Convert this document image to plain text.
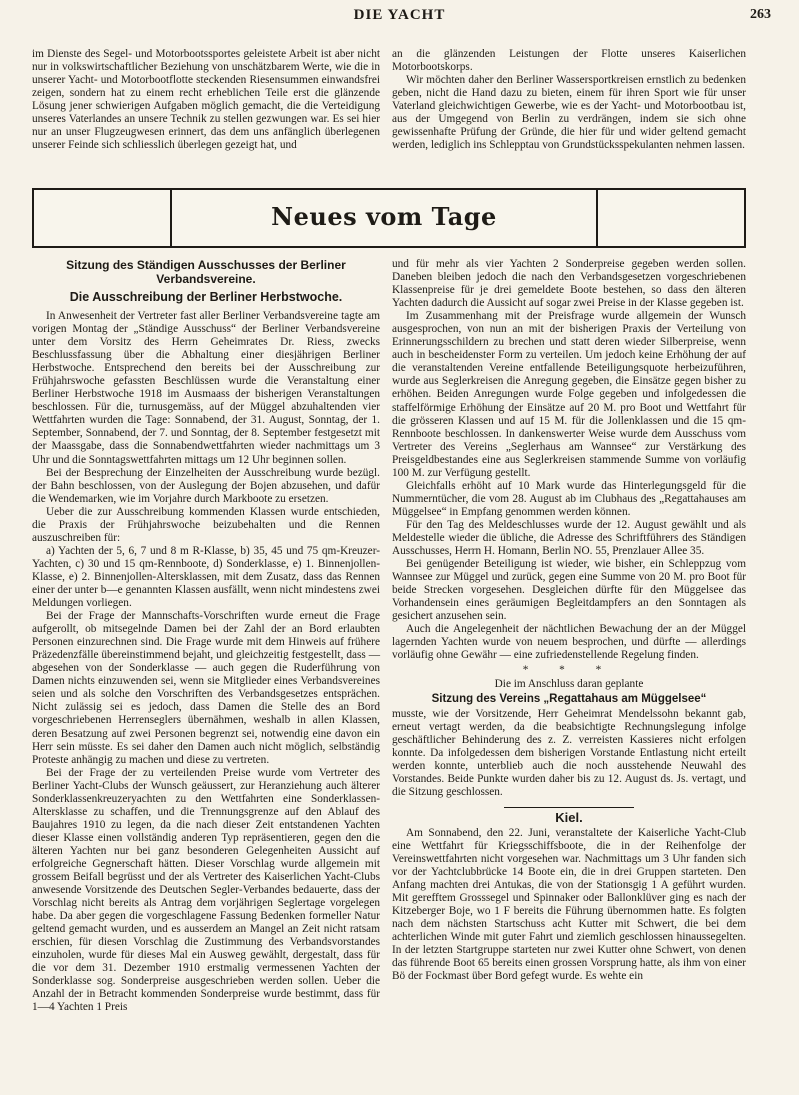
DIE YACHT	263

im Dienste des Segel- und Motorbootssportes geleistete Arbeit ist aber nicht nur in volkswirtschaftlicher Beziehung von unschätzbarem Werte, wie die in unserer Yacht- und Motorbootflotte steckenden Riesensummen einwandsfrei zeigen, sondern hat zu einem recht erheblichen Teile erst die glänzende Lösung jener schwierigen Aufgaben möglich gemacht, die die Verteidigung unseres Vaterlandes an unsere Technik zu stellen gezwungen war. Es sei hier nur an unser Flugzeugwesen erinnert, das dem uns anfänglich überlegenen unserer Feinde sich schliesslich überlegen gezeigt hat, und

an die glänzenden Leistungen der Flotte unseres Kaiserlichen Motorbootskorps.

Wir möchten daher den Berliner Wassersportkreisen ernstlich zu bedenken geben, nicht die Hand dazu zu bieten, einem für ihren Sport wie für unser Vaterland gleichwichtigen Gewerbe, wie es der Yacht- und Motorbootbau ist, aus der Umgegend von Berlin zu verdrängen, indem sie sich ohne gewissenhafte Prüfung der Gründe, die hier für und wider geltend gemacht werden, lediglich ins Schlepptau von Grundstücksspekulanten nehmen lassen.

Neues vom Tage
Sitzung des Ständigen Ausschusses der Berliner Verbandsvereine.
Die Ausschreibung der Berliner Herbstwoche.

In Anwesenheit der Vertreter fast aller Berliner Verbandsvereine tagte am vorigen Montag der „Ständige Ausschuss“ der Berliner Verbandsvereine unter dem Vorsitz des Herrn Geheimrates Dr. Riess, zwecks Beschlussfassung über die Abhaltung einer diesjährigen Berliner Herbstwoche. Entsprechend den bereits bei der Ausschreibung zur Frühjahrswoche gefassten Beschlüssen wurde die Veranstaltung einer Berliner Herbstwoche 1918 im Ausmaass der bisherigen Veranstaltungen beschlossen. Für die, turnusgemäss, auf der Müggel abzuhaltenden vier Wettfahrten wurden die Tage: Sonnabend, der 31. August, Sonntag, der 1. September, Sonnabend, der 7. und Sonntag, der 8. September festgesetzt mit der Maassgabe, dass die Sonnabendwettfahrten wieder nachmittags um 3 Uhr und die Sonntagswettfahrten mittags um 12 Uhr beginnen sollen.

Bei der Besprechung der Einzelheiten der Ausschreibung wurde bezügl. der Bahn beschlossen, von der Auslegung der Bojen abzusehen, und dafür die Wendemarken, wie im Vorjahre durch Markboote zu ersetzen.

Ueber die zur Ausschreibung kommenden Klassen wurde entschieden, die Praxis der Frühjahrswoche beizubehalten und die Rennen auszuschreiben für:

a) Yachten der 5, 6, 7 und 8 m R-Klasse, b) 35, 45 und 75 qm-Kreuzer-Yachten, c) 30 und 15 qm-Rennboote, d) Sonderklasse, e) 1. Binnenjollen-Klasse, e) 2. Binnenjollen-Altersklassen, mit dem Zusatz, dass das Rennen einer der unter b—e genannten Klassen ausfällt, wenn nicht mindestens zwei Meldungen vorliegen.

Bei der Frage der Mannschafts-Vorschriften wurde erneut die Frage aufgerollt, ob mitsegelnde Damen bei der Zahl der an Bord erlaubten Personen einzurechnen sind. Die Frage wurde mit dem Hinweis auf frühere Präzedenzfälle übereinstimmend bejaht, und gleichzeitig festgestellt, dass — abgesehen von der Sonderklasse — auch gegen die Ruderführung von Damen nichts einzuwenden sei, wenn sie Mitglieder eines Verbandsvereines seien und als solche den Vorschriften des Verbandsgesetzes entsprächen. Nicht zulässig sei es jedoch, dass Damen die Stelle des an Bord vorgeschriebenen Herrenseglers übernähmen, weshalb in allen Klassen, deren Besatzung auf zwei Personen begrenzt sei, notwendig eine davon ein Herr sein müsste. Es sei daher den Damen auch nicht möglich, selbständig Proteste anhängig zu machen und diese zu vertreten.

Bei der Frage der zu verteilenden Preise wurde vom Vertreter des Berliner Yacht-Clubs der Wunsch geäussert, zur Heranziehung auch älterer Sonderklassenkreuzeryachten zu den Wettfahrten eine Sonderklassen-Altersklasse zu schaffen, und die Trennungsgrenze auf den Ablauf des Baujahres 1910 zu legen, da die nach dieser Zeit entstandenen Yachten dieser Klasse einen vollständig anderen Typ repräsentieren, gegen den die älteren Yachten nur bei ganz besonderen Gelegenheiten Aussicht auf erfolgreiche Gegnerschaft hätten. Dieser Vorschlag wurde allgemein mit grossem Beifall begrüsst und der als Vertreter des Kaiserlichen Yacht-Clubs anwesende Vorsitzende des Deutschen Segler-Verbandes bedauerte, dass der Vorschlag nicht bereits als Antrag dem vorjährigen Seglertage vorgelegen habe. Da aber gegen die vorgeschlagene Fassung Bedenken formeller Natur geltend gemacht wurden, und es ausserdem an Mangel an Zeit nicht ratsam erschien, für diesen Vorschlag die Zustimmung des Verbandsvorstandes einzuholen, wurde für dieses Mal ein Ausweg gewählt, dergestalt, dass für die vor dem 31. Dezember 1910 erstmalig vermessenen Yachten der Sonderklasse sog. Sonderpreise ausgeschrieben werden sollen. Ueber die Anzahl der in Betracht kommenden Sonderpreise wurde bestimmt, dass für 1—4 Yachten 1 Preis

und für mehr als vier Yachten 2 Sonderpreise gegeben werden sollen. Daneben bleiben jedoch die nach den Verbandsgesetzen vorgeschriebenen Klassenpreise für je drei gemeldete Boote bestehen, so dass den älteren Yachten dadurch die Aussicht auf sogar zwei Preise in der Klasse gegeben ist.

Im Zusammenhang mit der Preisfrage wurde allgemein der Wunsch ausgesprochen, von nun an mit der bisherigen Praxis der Verteilung von Erinnerungsschildern zu brechen und statt deren wieder Silberpreise, wenn auch in bescheidenster Form zu verteilen. Um jedoch keine Erhöhung der auf die veranstaltenden Vereine entfallende Beteiligungsquote herbeizuführen, wurde aus Seglerkreisen die Anregung gegeben, die Einsätze gegen bisher zu erhöhen. Beiden Anregungen wurde Folge gegeben und infolgedessen die staffelförmige Erhöhung der Einsätze auf 20 M. pro Boot und Wettfahrt für die grösseren Klassen und auf 15 M. für die Jollenklassen und die 15 qm-Rennboote beschlossen. In dankenswerter Weise wurde dem Ausschuss vom Vertreter des Vereins „Seglerhaus am Wannsee“ zur Verstärkung des Preisgeldbestandes eine aus Seglerkreisen stammende Summe von vorläufig 100 M. zur Verfügung gestellt.

Gleichfalls erhöht auf 10 Mark wurde das Hinterlegungsgeld für die Nummerntücher, die vom 28. August ab im Clubhaus des „Regattahauses am Müggelsee“ in Empfang genommen werden können.

Für den Tag des Meldeschlusses wurde der 12. August gewählt und als Meldestelle wieder die übliche, die Adresse des Schriftführers des Ständigen Ausschusses, Herrn H. Homann, Berlin NO. 55, Prenzlauer Allee 35.

Bei genügender Beteiligung ist wieder, wie bisher, ein Schleppzug vom Wannsee zur Müggel und zurück, gegen eine Summe von 20 M. pro Boot für beide Strecken vorgesehen. Desgleichen dürfte für den Müggelsee das Vorhandensein eines geräumigen Begleitdampfers an den Sonntagen als gesichert anzusehen sein.

Auch die Angelegenheit der nächtlichen Bewachung der an der Müggel lagernden Yachten wurde von neuem besprochen, und dürfte — allerdings vorläufig ohne Gewähr — eine zufriedenstellende Regelung finden.

* * *

Die im Anschluss daran geplante

Sitzung des Vereins „Regattahaus am Müggelsee“

musste, wie der Vorsitzende, Herr Geheimrat Mendelssohn bekannt gab, erneut vertagt werden, da die beabsichtigte Rechnungslegung infolge geschäftlicher Behinderung des z. Z. verreisten Kassieres nicht erfolgen konnte. Da infolgedessen dem bisherigen Vorstande Entlastung nicht erteilt werden konnte, unterblieb auch die noch ausstehende Neuwahl des Vorstandes. Beide Punkte wurden daher bis zu 12. August ds. Js. vertagt, und die Sitzung geschlossen.

Kiel.

Am Sonnabend, den 22. Juni, veranstaltete der Kaiserliche Yacht-Club eine Wettfahrt für Kriegsschiffsboote, die in der Reihenfolge der Vereinswettfahrten nicht vorgesehen war. Nachmittags um 3 Uhr fanden sich vor der Yachtclubbrücke 14 Boote ein, die in drei Gruppen starteten. Den Anfang machten drei Antukas, die von der Stationsgig 1 A geführt wurden. Mit gerefftem Grosssegel und Spinnaker oder Ballonklüver ging es nach der Kitzeberger Boje, wo 1 F bereits die Führung übernommen hatte. Es folgten nach dem nächsten Startschuss acht Kutter mit Schwert, die bei dem achterlichen Winde mit guter Fahrt und ziemlich geschlossen hinaussegelten. In der letzten Startgruppe starteten nur zwei Kutter ohne Schwert, von denen das führende Boot 65 bereits einen grossen Vorsprung hatte, als ihm von einer Bö der Fockmast über Bord gefegt wurde. Es wehte ein
